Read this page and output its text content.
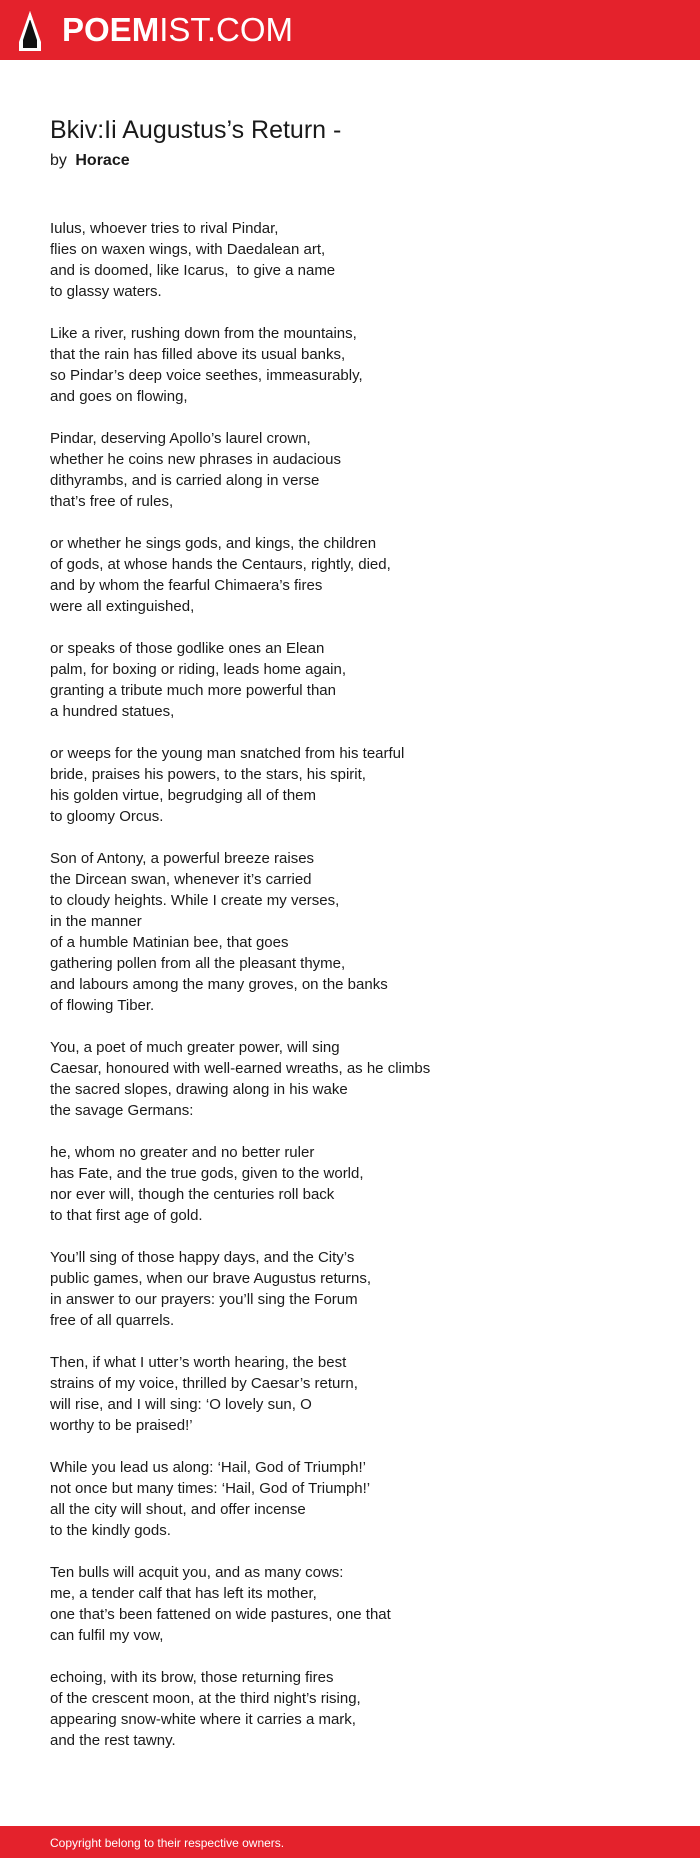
POEMIST.COM
Bkiv:Ii Augustus’s Return -
by Horace
Iulus, whoever tries to rival Pindar,
flies on waxen wings, with Daedalean art,
and is doomed, like Icarus,  to give a name
to glassy waters.
Like a river, rushing down from the mountains,
that the rain has filled above its usual banks,
so Pindar’s deep voice seethes, immeasurably,
and goes on flowing,
Pindar, deserving Apollo’s laurel crown,
whether he coins new phrases in audacious
dithyrambs, and is carried along in verse
that’s free of rules,
or whether he sings gods, and kings, the children
of gods, at whose hands the Centaurs, rightly, died,
and by whom the fearful Chimaera’s fires
were all extinguished,
or speaks of those godlike ones an Elean
palm, for boxing or riding, leads home again,
granting a tribute much more powerful than
a hundred statues,
or weeps for the young man snatched from his tearful
bride, praises his powers, to the stars, his spirit,
his golden virtue, begrudging all of them
to gloomy Orcus.
Son of Antony, a powerful breeze raises
the Dircean swan, whenever it’s carried
to cloudy heights. While I create my verses,
in the manner
of a humble Matinian bee, that goes
gathering pollen from all the pleasant thyme,
and labours among the many groves, on the banks
of flowing Tiber.
You, a poet of much greater power, will sing
Caesar, honoured with well-earned wreaths, as he climbs
the sacred slopes, drawing along in his wake
the savage Germans:
he, whom no greater and no better ruler
has Fate, and the true gods, given to the world,
nor ever will, though the centuries roll back
to that first age of gold.
You’ll sing of those happy days, and the City’s
public games, when our brave Augustus returns,
in answer to our prayers: you’ll sing the Forum
free of all quarrels.
Then, if what I utter’s worth hearing, the best
strains of my voice, thrilled by Caesar’s return,
will rise, and I will sing: ‘O lovely sun, O
worthy to be praised!’
While you lead us along: ‘Hail, God of Triumph!’
not once but many times: ‘Hail, God of Triumph!’
all the city will shout, and offer incense
to the kindly gods.
Ten bulls will acquit you, and as many cows:
me, a tender calf that has left its mother,
one that’s been fattened on wide pastures, one that
can fulfil my vow,
echoing, with its brow, those returning fires
of the crescent moon, at the third night’s rising,
appearing snow-white where it carries a mark,
and the rest tawny.
Copyright belong to their respective owners.
